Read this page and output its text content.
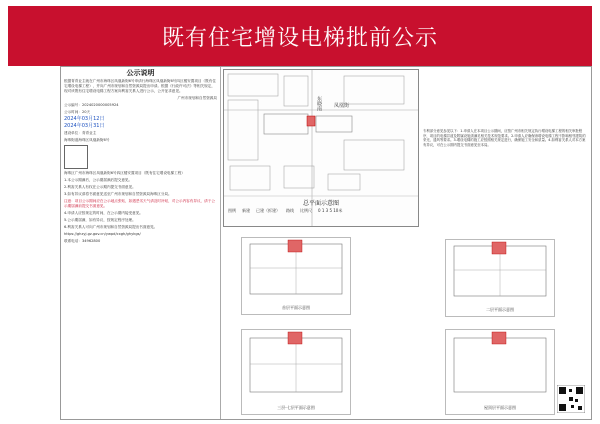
既有住宅增设电梯批前公示
公示说明

根据青青业主就在广州市海珠区凤凰新街6号申请行海珠区凤凰新街6号四区楼安置项目（既有住宅增设电梯工程），并向广州市规划和自然资源局提出申请。根据《行政许可法》等相关规定，现对该既有住宅增设电梯工程方案向利害关系人进行公示，公开征求意见。

广州市规划和自然资源局

公示编号：2024020000005924

公示时间：20天

2024年03月12日

2024年03月31日

建设单位：青青业主

海珠街道海珠区凤凰新街6号

海珠区广州市海珠区凤凰新街6号四区楼安置项目（既有住宅增设电梯工程）

1.本公示期满后，公示期届满后提交意见。

2.利害关系人有权在公示期内提交书面意见。

3.如有异议请将书面意见送至广州市规划和自然资源局海珠区分局。

注意：项目公示期间应在公示地点张贴，如遇恶劣天气请及时补贴，对公示内容有异议，请于公示期届满前提交书面意见。

4.申请人应按规定的时间，在公示期内接受意见。

5.公示期届满，如有异议，按规定程序处理。

6.利害关系人可向广州市规划和自然资源局提出书面意见。

https://ghzyj.gz.gov.cn/ywpd/cxgh/ghykgs/

联系电话：34962800

东晓南 凤凰街
总平面示意图
图例 新建 已建（拆建） 路线 比例尺 0 1 3 5 10米
专利部分意见参见以下：1.申请人在本项目公示期间，应按广州市相关规定执行增设电梯工程的相关审批程序，项目的电梯井道及附属设施须满足相关技术规范要求。2.申请人应确保该增设电梯工程不影响相邻建筑的采光、通风等要求。3.增设电梯的施工应按照相关规定进行，确保施工安全和质量。4.如利害关系人对本方案有异议，可在公示期内提交书面意见至本局。
首层平面示意图	二层平面示意图
三层-七层平面示意图	屋顶层平面示意图
